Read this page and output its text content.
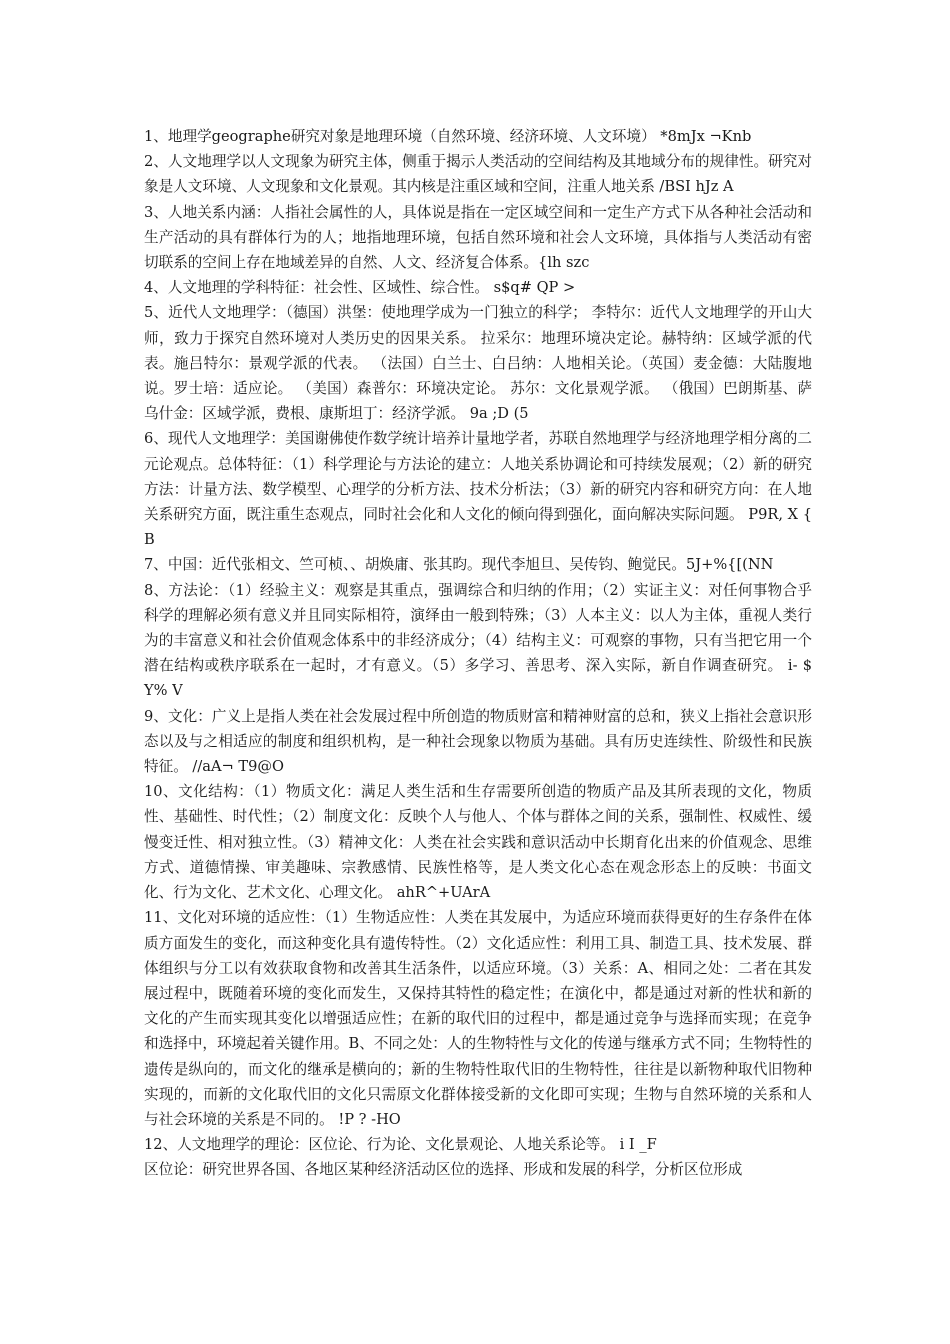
1、地理学geographe研究对象是地理环境（自然环境、经济环境、人文环境） *8mJx ¬Knb

2、人文地理学以人文现象为研究主体，侧重于揭示人类活动的空间结构及其地域分布的规律性。研究对象是人文环境、人文现象和文化景观。其内核是注重区域和空间，注重人地关系 /BSI hJz A

3、人地关系内涵：人指社会属性的人，具体说是指在一定区域空间和一定生产方式下从各种社会活动和生产活动的具有群体行为的人；地指地理环境，包括自然环境和社会人文环境，具体指与人类活动有密切联系的空间上存在地域差异的自然、人文、经济复合体系。{lh szc

4、人文地理的学科特征：社会性、区域性、综合性。 s$q# QP >

5、近代人文地理学：（德国）洪堡：使地理学成为一门独立的科学； 李特尔：近代人文地理学的开山大师，致力于探究自然环境对人类历史的因果关系。 拉采尔：地理环境决定论。赫特纳：区域学派的代表。施吕特尔：景观学派的代表。 （法国）白兰士、白吕纳：人地相关论。（英国）麦金德：大陆腹地说。罗士培：适应论。 （美国）森普尔：环境决定论。 苏尔：文化景观学派。 （俄国）巴朗斯基、萨乌什金：区域学派，费根、康斯坦丁：经济学派。 9a ;D (5

6、现代人文地理学：美国谢佛使作数学统计培养计量地学者，苏联自然地理学与经济地理学相分离的二元论观点。总体特征：（1）科学理论与方法论的建立：人地关系协调论和可持续发展观；（2）新的研究方法：计量方法、数学模型、心理学的分析方法、技术分析法；（3）新的研究内容和研究方向：在人地关系研究方面，既注重生态观点，同时社会化和人文化的倾向得到强化，面向解决实际问题。 P9R, X { B

7、中国：近代张相文、竺可桢、、胡焕庸、张其昀。现代李旭旦、吴传钧、鲍觉民。5J+%{[(NN

8、方法论：（1）经验主义：观察是其重点，强调综合和归纳的作用；（2）实证主义：对任何事物合乎科学的理解必须有意义并且同实际相符，演绎由一般到特殊；（3）人本主义：以人为主体，重视人类行为的丰富意义和社会价值观念体系中的非经济成分；（4）结构主义：可观察的事物，只有当把它用一个潜在结构或秩序联系在一起时，才有意义。（5）多学习、善思考、深入实际，新自作调查研究。 i- $ Y% V

9、文化：广义上是指人类在社会发展过程中所创造的物质财富和精神财富的总和，狭义上指社会意识形态以及与之相适应的制度和组织机构，是一种社会现象以物质为基础。具有历史连续性、阶级性和民族特征。 //aA¬ T9@O

10、文化结构：（1）物质文化：满足人类生活和生存需要所创造的物质产品及其所表现的文化，物质性、基础性、时代性；（2）制度文化：反映个人与他人、个体与群体之间的关系，强制性、权威性、缓慢变迁性、相对独立性。（3）精神文化：人类在社会实践和意识活动中长期育化出来的价值观念、思维方式、道德情操、审美趣味、宗教感情、民族性格等，是人类文化心态在观念形态上的反映：书面文化、行为文化、艺术文化、心理文化。 ahR^+UArA

11、文化对环境的适应性：（1）生物适应性：人类在其发展中，为适应环境而获得更好的生存条件在体质方面发生的变化，而这种变化具有遗传特性。（2）文化适应性：利用工具、制造工具、技术发展、群体组织与分工以有效获取食物和改善其生活条件，以适应环境。（3）关系：A、相同之处：二者在其发展过程中，既随着环境的变化而发生，又保持其特性的稳定性；在演化中，都是通过对新的性状和新的文化的产生而实现其变化以增强适应性；在新的取代旧的过程中，都是通过竞争与选择而实现；在竞争和选择中，环境起着关键作用。B、不同之处：人的生物特性与文化的传递与继承方式不同；生物特性的遗传是纵向的，而文化的继承是横向的；新的生物特性取代旧的生物特性，往往是以新物种取代旧物种实现的，而新的文化取代旧的文化只需原文化群体接受新的文化即可实现；生物与自然环境的关系和人与社会环境的关系是不同的。 !P ? -HO

12、人文地理学的理论：区位论、行为论、文化景观论、人地关系论等。 i I _F

区位论：研究世界各国、各地区某种经济活动区位的选择、形成和发展的科学，分析区位形成
